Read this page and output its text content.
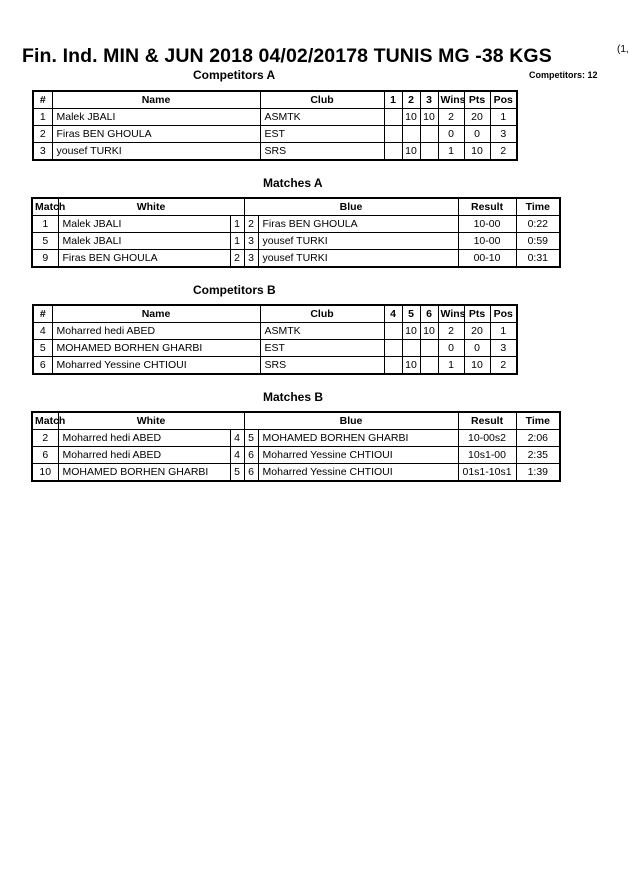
Fin. Ind. MIN & JUN 2018 04/02/20178 TUNIS MG -38 KGS	(1,
Competitors: 12
Competitors A
#	Name	Club	1	2	3	Wins	Pts	Pos
1	Malek JBALI	ASMTK		10	10	2	20	1
2	Firas BEN GHOULA	EST				0	0	3
3	yousef TURKI	SRS		10		1	10	2
Matches A
Match	White		Blue		Result	Time
1	Malek JBALI	1	2	Firas BEN GHOULA	10-00	0:22
5	Malek JBALI	1	3	yousef TURKI	10-00	0:59
9	Firas BEN GHOULA	2	3	yousef TURKI	00-10	0:31
Competitors B
#	Name	Club	4	5	6	Wins	Pts	Pos
4	Moharred hedi ABED	ASMTK		10	10	2	20	1
5	MOHAMED BORHEN GHARBI	EST				0	0	3
6	Moharred Yessine CHTIOUI	SRS		10		1	10	2
Matches B
Match	White		Blue		Result	Time
2	Moharred hedi ABED	4	5	MOHAMED BORHEN GHARBI	10-00s2	2:06
6	Moharred hedi ABED	4	6	Moharred Yessine CHTIOUI	10s1-00	2:35
10	MOHAMED BORHEN GHARBI	5	6	Moharred Yessine CHTIOUI	01s1-10s1	1:39
